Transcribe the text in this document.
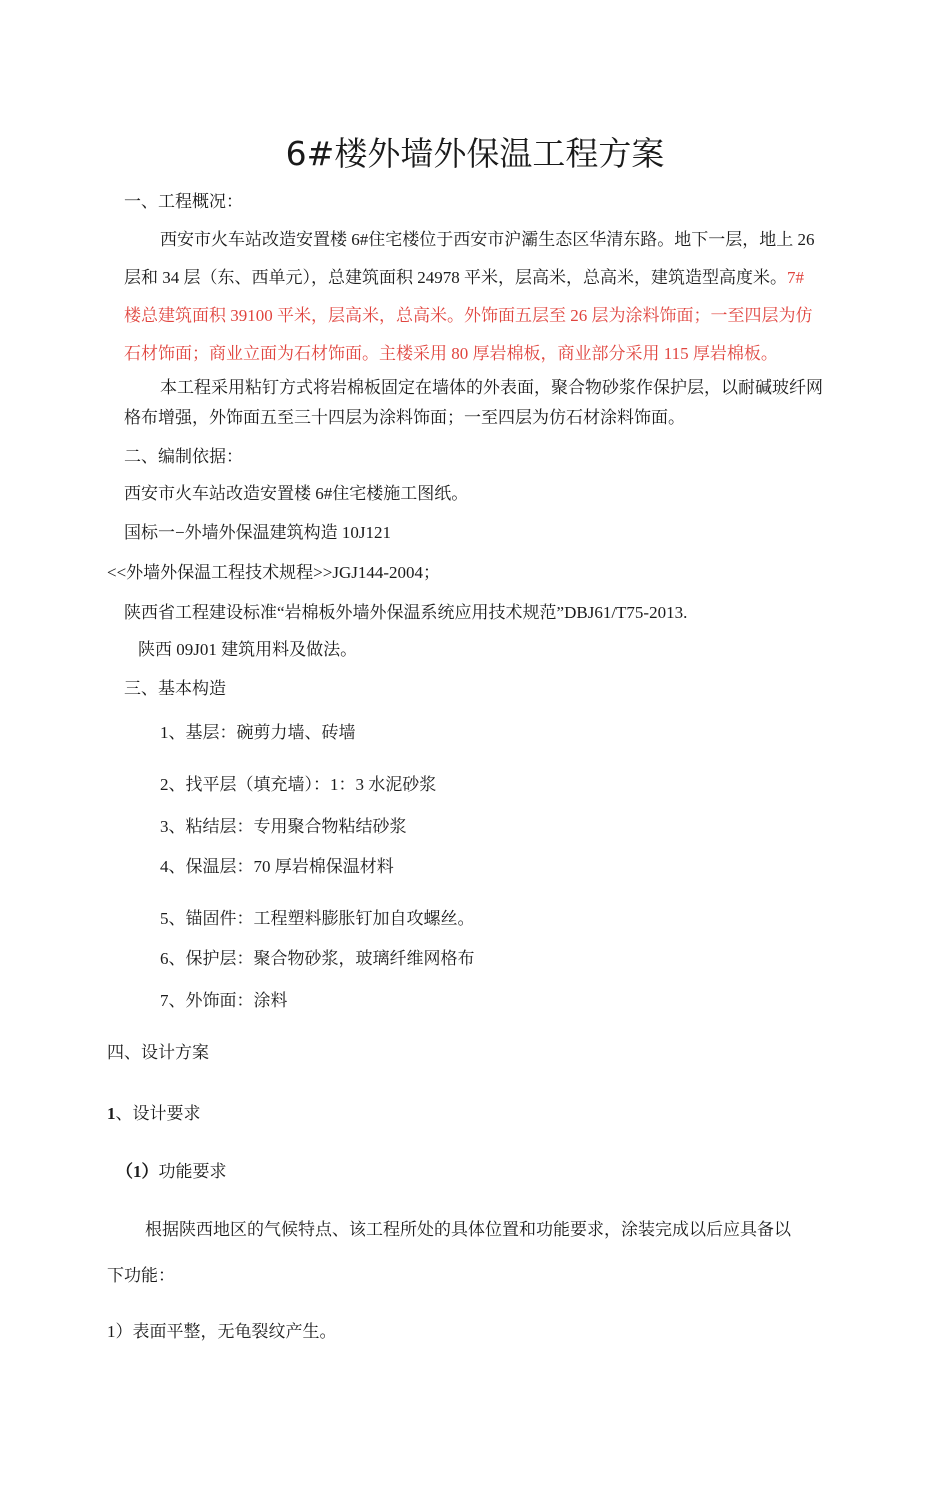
6#楼外墙外保温工程方案
一、工程概况：
西安市火车站改造安置楼 6#住宅楼位于西安市沪灞生态区华清东路。地下一层，地上 26
层和 34 层（东、西单元），总建筑面积 24978 平米，层高米，总高米，建筑造型高度米。7#
楼总建筑面积 39100 平米，层高米，总高米。外饰面五层至 26 层为涂料饰面；一至四层为仿
石材饰面；商业立面为石材饰面。主楼采用 80 厚岩棉板，商业部分采用 115 厚岩棉板。
本工程采用粘钉方式将岩棉板固定在墙体的外表面，聚合物砂浆作保护层，以耐碱玻纤网
格布增强，外饰面五至三十四层为涂料饰面；一至四层为仿石材涂料饰面。
二、编制依据：
西安市火车站改造安置楼 6#住宅楼施工图纸。
国标一−外墙外保温建筑构造 10J121
<<外墙外保温工程技术规程>>JGJ144-2004；
陕西省工程建设标准“岩棉板外墙外保温系统应用技术规范”DBJ61/T75-2013.
陕西 09J01 建筑用料及做法。
三、基本构造
1、基层：碗剪力墙、砖墙
2、找平层（填充墙）：1：3 水泥砂浆
3、粘结层：专用聚合物粘结砂浆
4、保温层：70 厚岩棉保温材料
5、锚固件：工程塑料膨胀钉加自攻螺丝。
6、保护层：聚合物砂浆，玻璃纤维网格布
7、外饰面：涂料
四、设计方案
1、设计要求
（1）功能要求
根据陕西地区的气候特点、该工程所处的具体位置和功能要求，涂装完成以后应具备以
下功能：
1）表面平整，无龟裂纹产生。
